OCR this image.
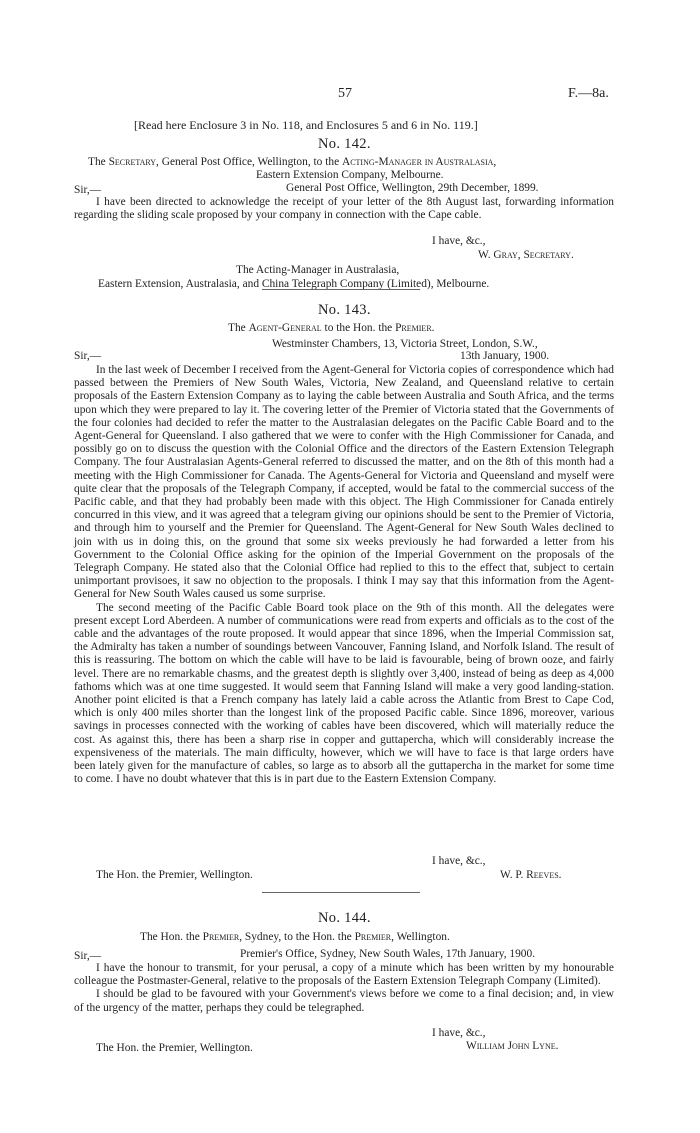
57	F.—8a.
[Read here Enclosure 3 in No. 118, and Enclosures 5 and 6 in No. 119.]
No. 142.
The Secretary, General Post Office, Wellington, to the Acting-Manager in Australasia,
Eastern Extension Company, Melbourne.
Sir,—	General Post Office, Wellington, 29th December, 1899.

I have been directed to acknowledge the receipt of your letter of the 8th August last, forwarding information regarding the sliding scale proposed by your company in connection with the Cape cable.

I have, &c.,
W. Gray, Secretary.
The Acting-Manager in Australasia,
Eastern Extension, Australasia, and China Telegraph Company (Limited), Melbourne.
No. 143.
The Agent-General to the Hon. the Premier.
Westminster Chambers, 13, Victoria Street, London, S.W.,
Sir,—	13th January, 1900.

In the last week of December I received from the Agent-General for Victoria copies of correspondence which had passed between the Premiers of New South Wales, Victoria, New Zealand, and Queensland relative to certain proposals of the Eastern Extension Company as to laying the cable between Australia and South Africa, and the terms upon which they were prepared to lay it. The covering letter of the Premier of Victoria stated that the Governments of the four colonies had decided to refer the matter to the Australasian delegates on the Pacific Cable Board and to the Agent-General for Queensland. I also gathered that we were to confer with the High Commissioner for Canada, and possibly go on to discuss the question with the Colonial Office and the directors of the Eastern Extension Telegraph Company. The four Australasian Agents-General referred to discussed the matter, and on the 8th of this month had a meeting with the High Commissioner for Canada. The Agents-General for Victoria and Queensland and myself were quite clear that the proposals of the Telegraph Company, if accepted, would be fatal to the commercial success of the Pacific cable, and that they had probably been made with this object. The High Commissioner for Canada entirely concurred in this view, and it was agreed that a telegram giving our opinions should be sent to the Premier of Victoria, and through him to yourself and the Premier for Queensland. The Agent-General for New South Wales declined to join with us in doing this, on the ground that some six weeks previously he had forwarded a letter from his Government to the Colonial Office asking for the opinion of the Imperial Government on the proposals of the Telegraph Company. He stated also that the Colonial Office had replied to this to the effect that, subject to certain unimportant provisoes, it saw no objection to the proposals. I think I may say that this information from the Agent-General for New South Wales caused us some surprise.

The second meeting of the Pacific Cable Board took place on the 9th of this month. All the delegates were present except Lord Aberdeen. A number of communications were read from experts and officials as to the cost of the cable and the advantages of the route proposed. It would appear that since 1896, when the Imperial Commission sat, the Admiralty has taken a number of soundings between Vancouver, Fanning Island, and Norfolk Island. The result of this is reassuring. The bottom on which the cable will have to be laid is favourable, being of brown ooze, and fairly level. There are no remarkable chasms, and the greatest depth is slightly over 3,400, instead of being as deep as 4,000 fathoms which was at one time suggested. It would seem that Fanning Island will make a very good landing-station. Another point elicited is that a French company has lately laid a cable across the Atlantic from Brest to Cape Cod, which is only 400 miles shorter than the longest link of the proposed Pacific cable. Since 1896, moreover, various savings in processes connected with the working of cables have been discovered, which will materially reduce the cost. As against this, there has been a sharp rise in copper and guttapercha, which will considerably increase the expensiveness of the materials. The main difficulty, however, which we will have to face is that large orders have been lately given for the manufacture of cables, so large as to absorb all the guttapercha in the market for some time to come. I have no doubt whatever that this is in part due to the Eastern Extension Company.

I have, &c.,
The Hon. the Premier, Wellington.	W. P. Reeves.
No. 144.
The Hon. the Premier, Sydney, to the Hon. the Premier, Wellington.
Sir,—	Premier's Office, Sydney, New South Wales, 17th January, 1900.

I have the honour to transmit, for your perusal, a copy of a minute which has been written by my honourable colleague the Postmaster-General, relative to the proposals of the Eastern Extension Telegraph Company (Limited).

I should be glad to be favoured with your Government's views before we come to a final decision; and, in view of the urgency of the matter, perhaps they could be telegraphed.

I have, &c.,
The Hon. the Premier, Wellington.	William John Lyne.
